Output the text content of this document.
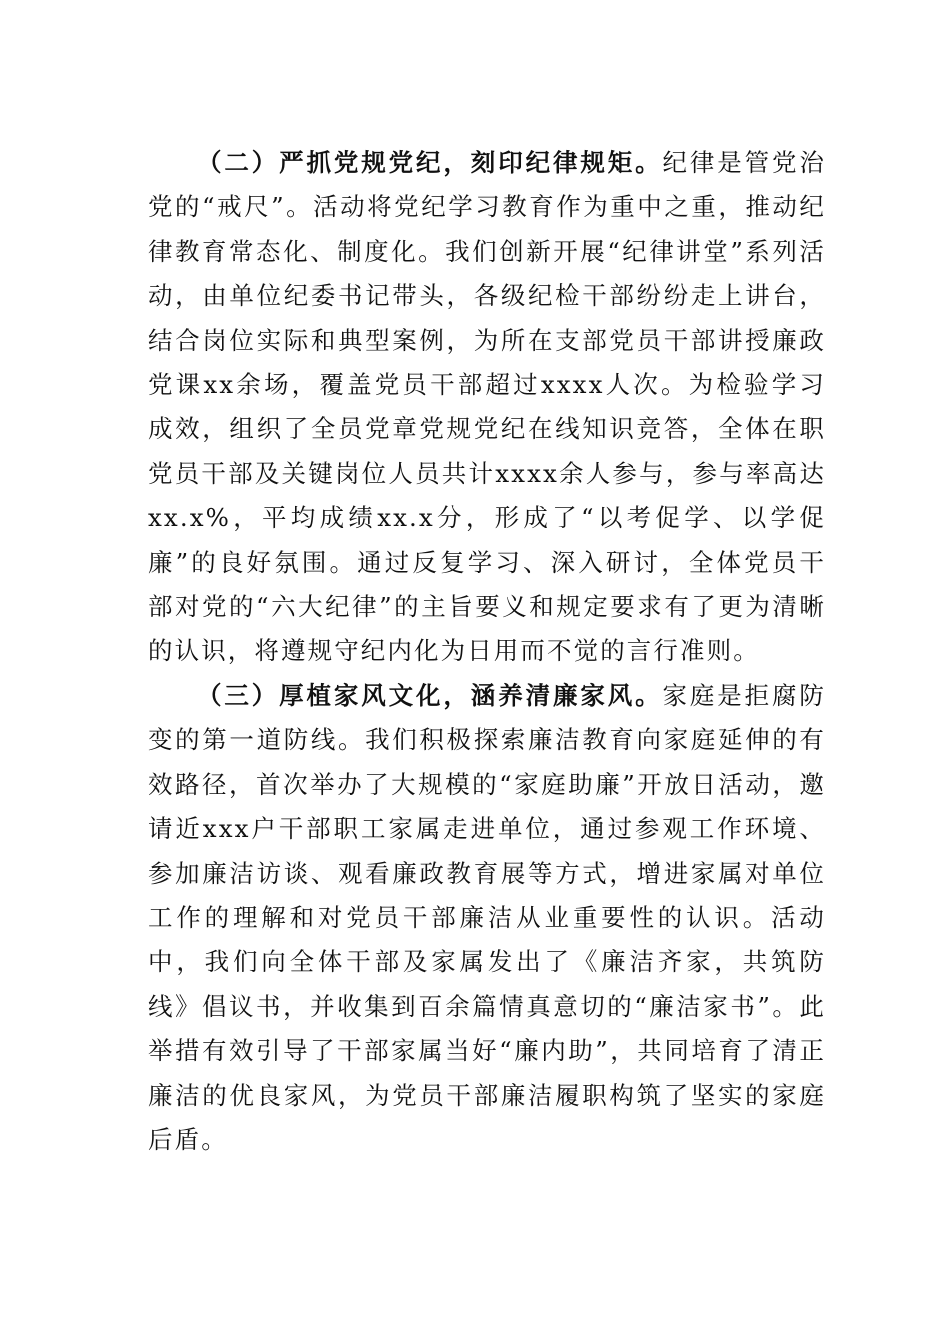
（二）严抓党规党纪，刻印纪律规矩。纪律是管党治党的“戒尺”。活动将党纪学习教育作为重中之重，推动纪律教育常态化、制度化。我们创新开展“纪律讲堂”系列活动，由单位纪委书记带头，各级纪检干部纷纷走上讲台，结合岗位实际和典型案例，为所在支部党员干部讲授廉政党课xx余场，覆盖党员干部超过xxxx人次。为检验学习成效，组织了全员党章党规党纪在线知识竞答，全体在职党员干部及关键岗位人员共计xxxx余人参与，参与率高达xx.x%，平均成绩xx.x分，形成了“以考促学、以学促廉”的良好氛围。通过反复学习、深入研讨，全体党员干部对党的“六大纪律”的主旨要义和规定要求有了更为清晰的认识，将遵规守纪内化为日用而不觉的言行准则。

（三）厚植家风文化，涵养清廉家风。家庭是拒腐防变的第一道防线。我们积极探索廉洁教育向家庭延伸的有效路径，首次举办了大规模的“家庭助廉”开放日活动，邀请近xxx户干部职工家属走进单位，通过参观工作环境、参加廉洁访谈、观看廉政教育展等方式，增进家属对单位工作的理解和对党员干部廉洁从业重要性的认识。活动中，我们向全体干部及家属发出了《廉洁齐家，共筑防线》倡议书，并收集到百余篇情真意切的“廉洁家书”。此举措有效引导了干部家属当好“廉内助”，共同培育了清正廉洁的优良家风，为党员干部廉洁履职构筑了坚实的家庭后盾。
